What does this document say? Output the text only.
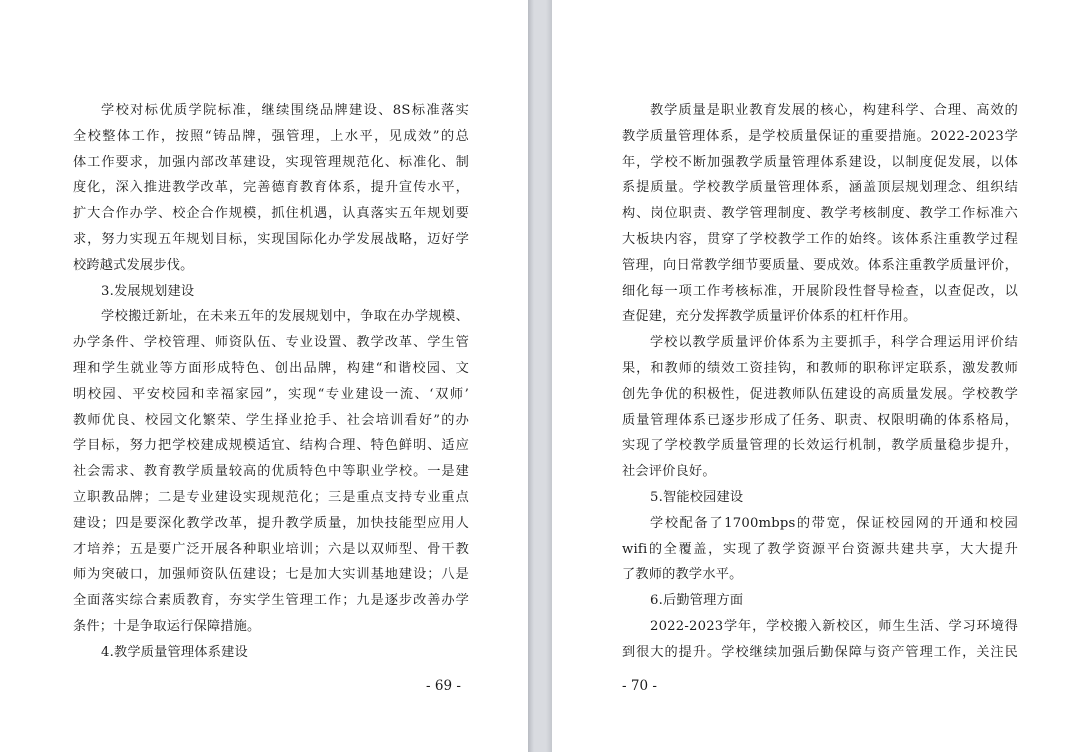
学校对标优质学院标准，继续围绕品牌建设、8S标准落实
全校整体工作，按照“铸品牌，强管理，上水平，见成效”的总
体工作要求，加强内部改革建设，实现管理规范化、标准化、制
度化，深入推进教学改革，完善德育教育体系，提升宣传水平，
扩大合作办学、校企合作规模，抓住机遇，认真落实五年规划要
求，努力实现五年规划目标，实现国际化办学发展战略，迈好学
校跨越式发展步伐。
3.发展规划建设
学校搬迁新址，在未来五年的发展规划中，争取在办学规模、
办学条件、学校管理、师资队伍、专业设置、教学改革、学生管
理和学生就业等方面形成特色、创出品牌，构建“和谐校园、文
明校园、平安校园和幸福家园”，实现“专业建设一流、‘双师’
教师优良、校园文化繁荣、学生择业抢手、社会培训看好”的办
学目标，努力把学校建成规模适宜、结构合理、特色鲜明、适应
社会需求、教育教学质量较高的优质特色中等职业学校。一是建
立职教品牌；二是专业建设实现规范化；三是重点支持专业重点
建设；四是要深化教学改革，提升教学质量，加快技能型应用人
才培养；五是要广泛开展各种职业培训；六是以双师型、骨干教
师为突破口，加强师资队伍建设；七是加大实训基地建设；八是
全面落实综合素质教育，夯实学生管理工作；九是逐步改善办学
条件；十是争取运行保障措施。
4.教学质量管理体系建设
- 69 -
教学质量是职业教育发展的核心，构建科学、合理、高效的
教学质量管理体系，是学校质量保证的重要措施。2022-2023学
年，学校不断加强教学质量管理体系建设，以制度促发展，以体
系提质量。学校教学质量管理体系，涵盖顶层规划理念、组织结
构、岗位职责、教学管理制度、教学考核制度、教学工作标准六
大板块内容，贯穿了学校教学工作的始终。该体系注重教学过程
管理，向日常教学细节要质量、要成效。体系注重教学质量评价，
细化每一项工作考核标准，开展阶段性督导检查，以查促改，以
查促建，充分发挥教学质量评价体系的杠杆作用。
学校以教学质量评价体系为主要抓手，科学合理运用评价结
果，和教师的绩效工资挂钩，和教师的职称评定联系，激发教师
创先争优的积极性，促进教师队伍建设的高质量发展。学校教学
质量管理体系已逐步形成了任务、职责、权限明确的体系格局，
实现了学校教学质量管理的长效运行机制，教学质量稳步提升，
社会评价良好。
5.智能校园建设
学校配备了1700mbps的带宽，保证校园网的开通和校园
wifi的全覆盖，实现了教学资源平台资源共建共享，大大提升
了教师的教学水平。
6.后勤管理方面
2022-2023学年，学校搬入新校区，师生生活、学习环境得
到很大的提升。学校继续加强后勤保障与资产管理工作，关注民
- 70 -
